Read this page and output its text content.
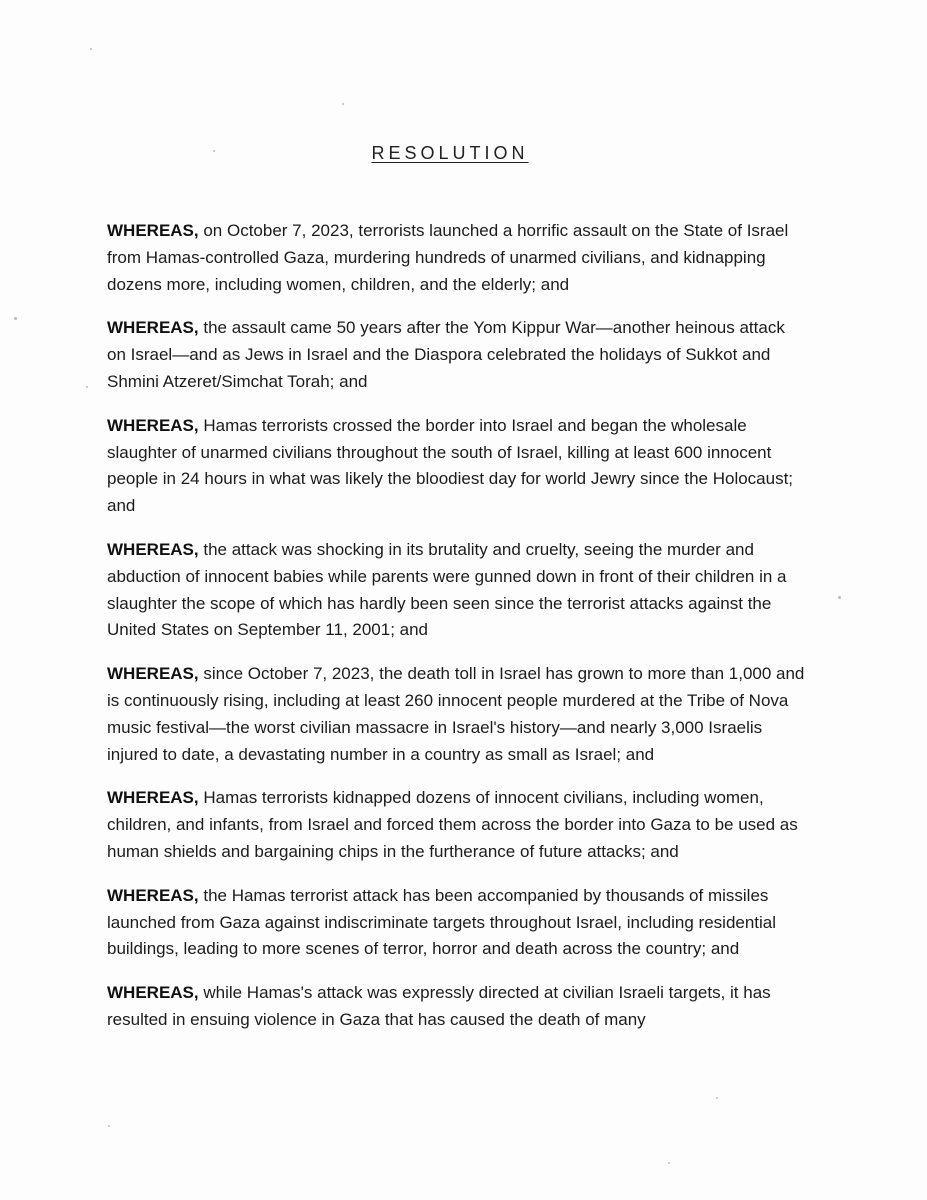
RESOLUTION

WHEREAS, on October 7, 2023, terrorists launched a horrific assault on the State of Israel from Hamas-controlled Gaza, murdering hundreds of unarmed civilians, and kidnapping dozens more, including women, children, and the elderly; and

WHEREAS, the assault came 50 years after the Yom Kippur War—another heinous attack on Israel—and as Jews in Israel and the Diaspora celebrated the holidays of Sukkot and Shmini Atzeret/Simchat Torah; and

WHEREAS, Hamas terrorists crossed the border into Israel and began the wholesale slaughter of unarmed civilians throughout the south of Israel, killing at least 600 innocent people in 24 hours in what was likely the bloodiest day for world Jewry since the Holocaust; and

WHEREAS, the attack was shocking in its brutality and cruelty, seeing the murder and abduction of innocent babies while parents were gunned down in front of their children in a slaughter the scope of which has hardly been seen since the terrorist attacks against the United States on September 11, 2001; and

WHEREAS, since October 7, 2023, the death toll in Israel has grown to more than 1,000 and is continuously rising, including at least 260 innocent people murdered at the Tribe of Nova music festival—the worst civilian massacre in Israel's history—and nearly 3,000 Israelis injured to date, a devastating number in a country as small as Israel; and

WHEREAS, Hamas terrorists kidnapped dozens of innocent civilians, including women, children, and infants, from Israel and forced them across the border into Gaza to be used as human shields and bargaining chips in the furtherance of future attacks; and

WHEREAS, the Hamas terrorist attack has been accompanied by thousands of missiles launched from Gaza against indiscriminate targets throughout Israel, including residential buildings, leading to more scenes of terror, horror and death across the country; and

WHEREAS, while Hamas's attack was expressly directed at civilian Israeli targets, it has resulted in ensuing violence in Gaza that has caused the death of many
